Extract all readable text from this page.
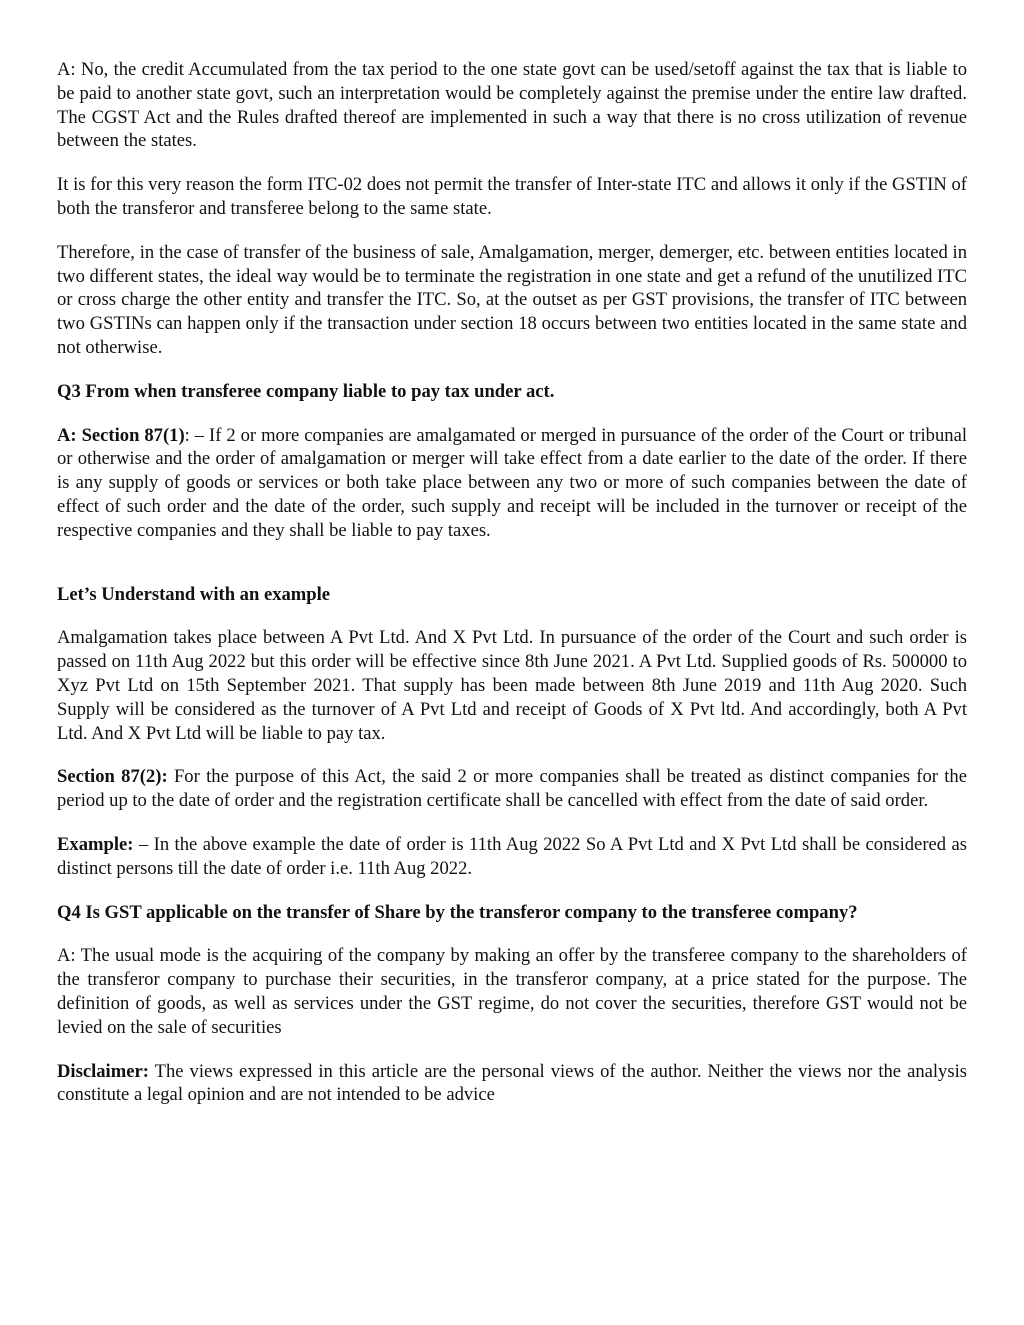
A: No, the credit Accumulated from the tax period to the one state govt can be used/setoff against the tax that is liable to be paid to another state govt, such an interpretation would be completely against the premise under the entire law drafted. The CGST Act and the Rules drafted thereof are implemented in such a way that there is no cross utilization of revenue between the states.

It is for this very reason the form ITC-02 does not permit the transfer of Inter-state ITC and allows it only if the GSTIN of both the transferor and transferee belong to the same state.

Therefore, in the case of transfer of the business of sale, Amalgamation, merger, demerger, etc. between entities located in two different states, the ideal way would be to terminate the registration in one state and get a refund of the unutilized ITC or cross charge the other entity and transfer the ITC. So, at the outset as per GST provisions, the transfer of ITC between two GSTINs can happen only if the transaction under section 18 occurs between two entities located in the same state and not otherwise.

Q3 From when transferee company liable to pay tax under act.

A: Section 87(1): – If 2 or more companies are amalgamated or merged in pursuance of the order of the Court or tribunal or otherwise and the order of amalgamation or merger will take effect from a date earlier to the date of the order. If there is any supply of goods or services or both take place between any two or more of such companies between the date of effect of such order and the date of the order, such supply and receipt will be included in the turnover or receipt of the respective companies and they shall be liable to pay taxes.

Let’s Understand with an example

Amalgamation takes place between A Pvt Ltd. And X Pvt Ltd. In pursuance of the order of the Court and such order is passed on 11th Aug 2022 but this order will be effective since 8th June 2021. A Pvt Ltd. Supplied goods of Rs. 500000 to Xyz Pvt Ltd on 15th September 2021. That supply has been made between 8th June 2019 and 11th Aug 2020. Such Supply will be considered as the turnover of A Pvt Ltd and receipt of Goods of X Pvt ltd. And accordingly, both A Pvt Ltd. And X Pvt Ltd will be liable to pay tax.

Section 87(2): For the purpose of this Act, the said 2 or more companies shall be treated as distinct companies for the period up to the date of order and the registration certificate shall be cancelled with effect from the date of said order.

Example: – In the above example the date of order is 11th Aug 2022 So A Pvt Ltd and X Pvt Ltd shall be considered as distinct persons till the date of order i.e. 11th Aug 2022.

Q4 Is GST applicable on the transfer of Share by the transferor company to the transferee company?

A: The usual mode is the acquiring of the company by making an offer by the transferee company to the shareholders of the transferor company to purchase their securities, in the transferor company, at a price stated for the purpose. The definition of goods, as well as services under the GST regime, do not cover the securities, therefore GST would not be levied on the sale of securities

Disclaimer: The views expressed in this article are the personal views of the author. Neither the views nor the analysis constitute a legal opinion and are not intended to be advice
